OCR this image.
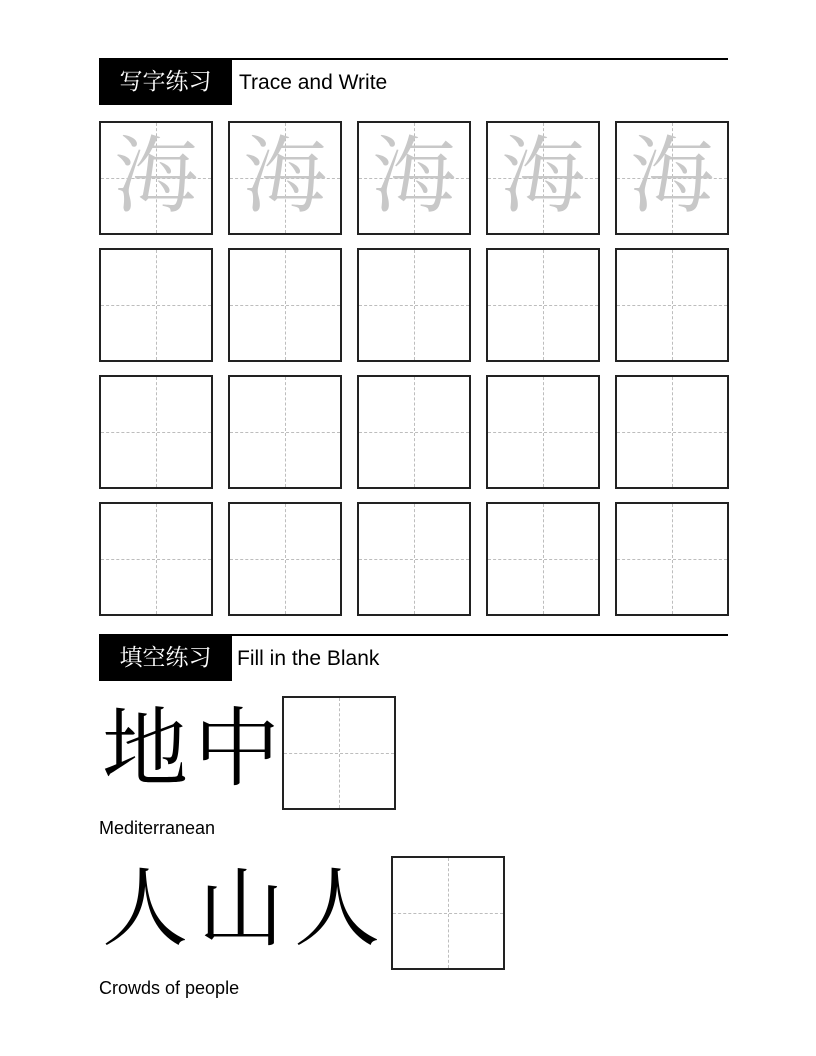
写字练习	Trace and Write
海 海 海 海 海
填空练习	Fill in the Blank
地 中
Mediterranean
人 山 人
Crowds of people
